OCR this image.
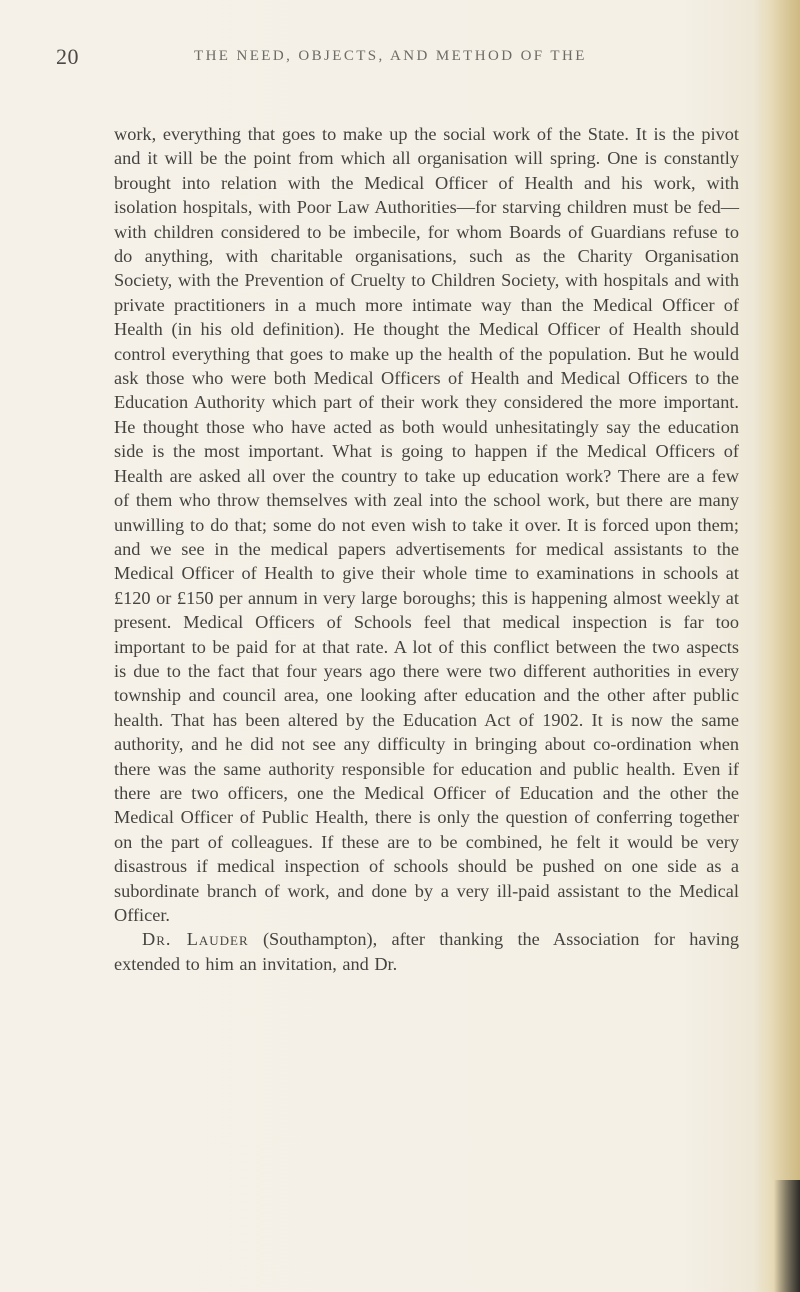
20	THE NEED, OBJECTS, AND METHOD OF THE

work, everything that goes to make up the social work of the State. It is the pivot and it will be the point from which all organisation will spring. One is constantly brought into relation with the Medical Officer of Health and his work, with isolation hospitals, with Poor Law Authorities—for starving children must be fed—with children considered to be imbecile, for whom Boards of Guardians refuse to do anything, with charitable organisations, such as the Charity Organisation Society, with the Prevention of Cruelty to Children Society, with hospitals and with private practitioners in a much more intimate way than the Medical Officer of Health (in his old definition). He thought the Medical Officer of Health should control everything that goes to make up the health of the population. But he would ask those who were both Medical Officers of Health and Medical Officers to the Education Authority which part of their work they considered the more important. He thought those who have acted as both would unhesitatingly say the education side is the most important. What is going to happen if the Medical Officers of Health are asked all over the country to take up education work? There are a few of them who throw themselves with zeal into the school work, but there are many unwilling to do that; some do not even wish to take it over. It is forced upon them; and we see in the medical papers advertisements for medical assistants to the Medical Officer of Health to give their whole time to examinations in schools at £120 or £150 per annum in very large boroughs; this is happening almost weekly at present. Medical Officers of Schools feel that medical inspection is far too important to be paid for at that rate. A lot of this conflict between the two aspects is due to the fact that four years ago there were two different authorities in every township and council area, one looking after education and the other after public health. That has been altered by the Education Act of 1902. It is now the same authority, and he did not see any difficulty in bringing about co-ordination when there was the same authority responsible for education and public health. Even if there are two officers, one the Medical Officer of Education and the other the Medical Officer of Public Health, there is only the question of conferring together on the part of colleagues. If these are to be combined, he felt it would be very disastrous if medical inspection of schools should be pushed on one side as a subordinate branch of work, and done by a very ill-paid assistant to the Medical Officer.

Dr. Lauder (Southampton), after thanking the Association for having extended to him an invitation, and Dr.
